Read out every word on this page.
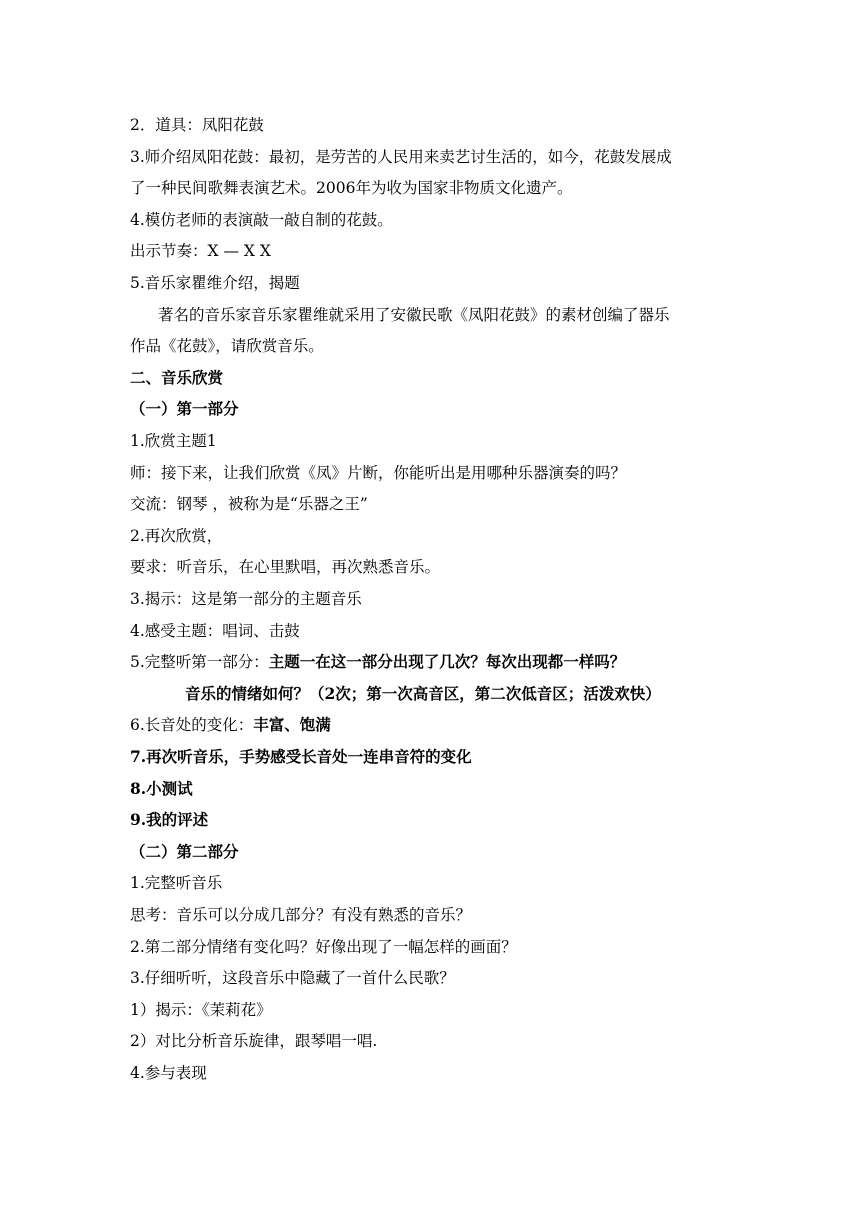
2．道具：凤阳花鼓
3.师介绍凤阳花鼓：最初，是劳苦的人民用来卖艺讨生活的，如今，花鼓发展成
了一种民间歌舞表演艺术。2006年为收为国家非物质文化遗产。
4.模仿老师的表演敲一敲自制的花鼓。
出示节奏：X — X X
5.音乐家瞿维介绍，揭题
著名的音乐家音乐家瞿维就采用了安徽民歌《凤阳花鼓》的素材创编了器乐
作品《花鼓》，请欣赏音乐。
二、音乐欣赏
（一）第一部分
1.欣赏主题1
师：接下来，让我们欣赏《凤》片断，你能听出是用哪种乐器演奏的吗？
交流：钢琴 ，被称为是“乐器之王”
2.再次欣赏，
要求：听音乐，在心里默唱，再次熟悉音乐。
3.揭示：这是第一部分的主题音乐
4.感受主题：唱词、击鼓
5.完整听第一部分：主题一在这一部分出现了几次？每次出现都一样吗？
音乐的情绪如何？（2次；第一次高音区，第二次低音区；活泼欢快）
6.长音处的变化：丰富、饱满
7.再次听音乐，手势感受长音处一连串音符的变化
8.小测试
9.我的评述
（二）第二部分
1.完整听音乐
思考：音乐可以分成几部分？有没有熟悉的音乐？
2.第二部分情绪有变化吗？好像出现了一幅怎样的画面？
3.仔细听听，这段音乐中隐藏了一首什么民歌？
1）揭示：《茉莉花》
2）对比分析音乐旋律，跟琴唱一唱.
4.参与表现
